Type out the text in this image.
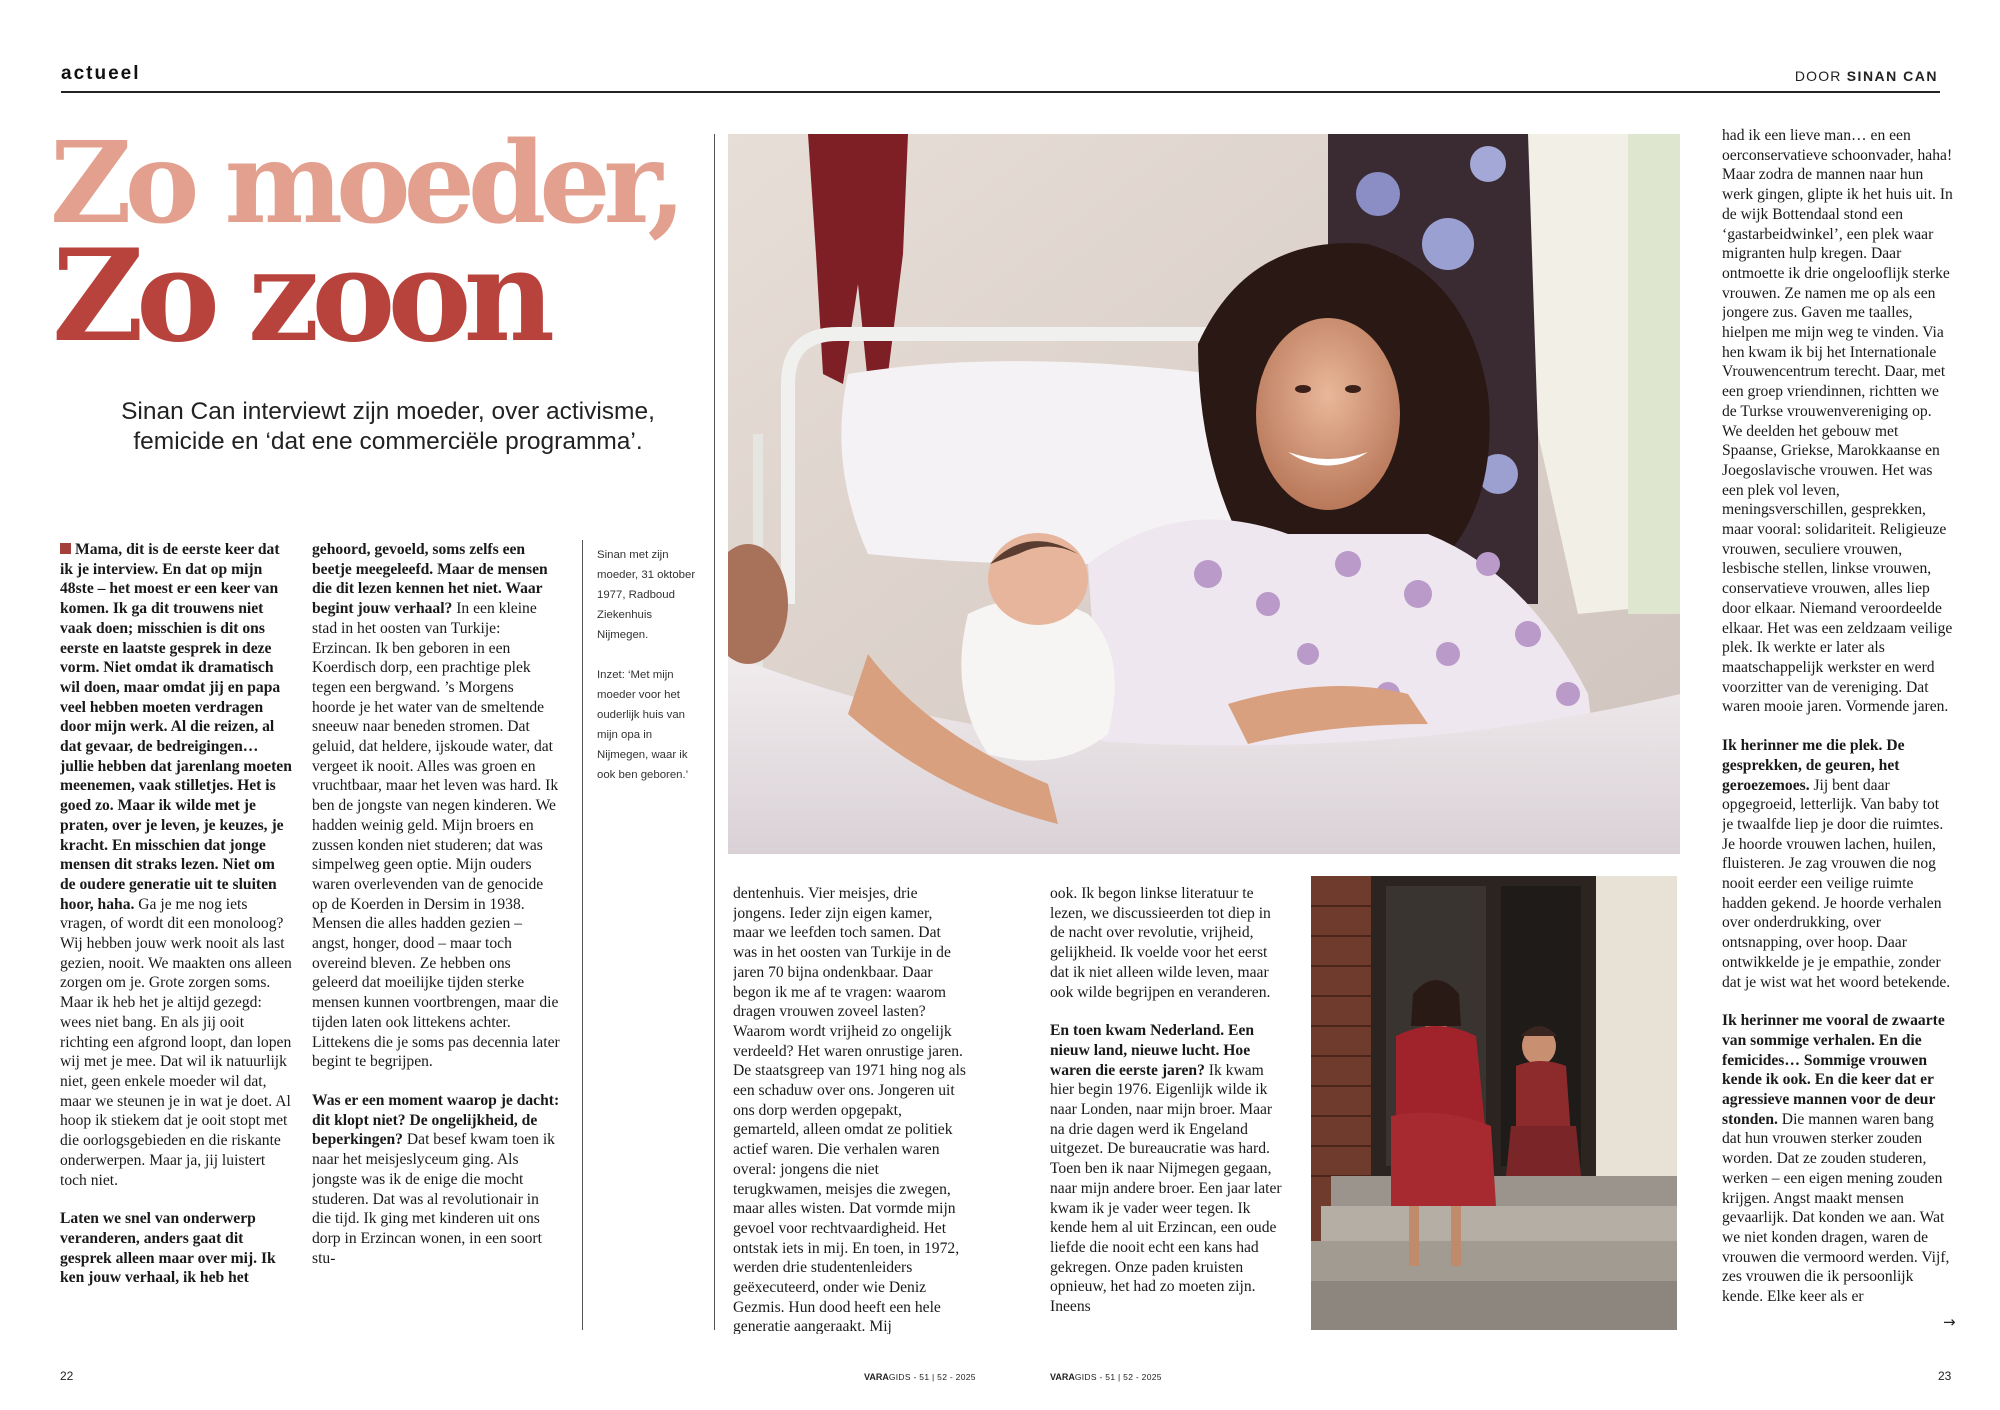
actueel	DOOR SINAN CAN
Zo moeder,
Zo zoon
Sinan Can interviewt zijn moeder, over activisme, femicide en ‘dat ene commerciële programma’.

Mama, dit is de eerste keer dat ik je interview. En dat op mijn 48ste – het moest er een keer van komen. Ik ga dit trouwens niet vaak doen; misschien is dit ons eerste en laatste gesprek in deze vorm. Niet omdat ik dramatisch wil doen, maar omdat jij en papa veel hebben moeten verdragen door mijn werk. Al die reizen, al dat gevaar, de bedreigingen… jullie hebben dat jarenlang moeten meenemen, vaak stilletjes. Het is goed zo. Maar ik wilde met je praten, over je leven, je keuzes, je kracht. En misschien dat jonge mensen dit straks lezen. Niet om de oudere generatie uit te sluiten hoor, haha. Ga je me nog iets vragen, of wordt dit een monoloog? Wij hebben jouw werk nooit als last gezien, nooit. We maakten ons alleen zorgen om je. Grote zorgen soms. Maar ik heb het je altijd gezegd: wees niet bang. En als jij ooit richting een afgrond loopt, dan lopen wij met je mee. Dat wil ik natuurlijk niet, geen enkele moeder wil dat, maar we steunen je in wat je doet. Al hoop ik stiekem dat je ooit stopt met die oorlogsgebieden en die riskante onderwerpen. Maar ja, jij luistert toch niet.

Laten we snel van onderwerp veranderen, anders gaat dit gesprek alleen maar over mij. Ik ken jouw verhaal, ik heb het

gehoord, gevoeld, soms zelfs een beetje meegeleefd. Maar de mensen die dit lezen kennen het niet. Waar begint jouw verhaal? In een kleine stad in het oosten van Turkije: Erzincan. Ik ben geboren in een Koerdisch dorp, een prachtige plek tegen een bergwand. ’s Morgens hoorde je het water van de smeltende sneeuw naar beneden stromen. Dat geluid, dat heldere, ijskoude water, dat vergeet ik nooit. Alles was groen en vruchtbaar, maar het leven was hard. Ik ben de jongste van negen kinderen. We hadden weinig geld. Mijn broers en zussen konden niet studeren; dat was simpelweg geen optie. Mijn ouders waren overlevenden van de genocide op de Koerden in Dersim in 1938. Mensen die alles hadden gezien – angst, honger, dood – maar toch overeind bleven. Ze hebben ons geleerd dat moeilijke tijden sterke mensen kunnen voortbrengen, maar die tijden laten ook littekens achter. Littekens die je soms pas decennia later begint te begrijpen.

Was er een moment waarop je dacht: dit klopt niet? De ongelijkheid, de beperkingen? Dat besef kwam toen ik naar het meisjeslyceum ging. Als jongste was ik de enige die mocht studeren. Dat was al revolutionair in die tijd. Ik ging met kinderen uit ons dorp in Erzincan wonen, in een soort stu-

Sinan met zijn moeder, 31 oktober 1977, Radboud Ziekenhuis Nijmegen.

Inzet: ‘Met mijn moeder voor het ouderlijk huis van mijn opa in Nijmegen, waar ik ook ben geboren.’

dentenhuis. Vier meisjes, drie jongens. Ieder zijn eigen kamer, maar we leefden toch samen. Dat was in het oosten van Turkije in de jaren 70 bijna ondenkbaar. Daar begon ik me af te vragen: waarom dragen vrouwen zoveel lasten? Waarom wordt vrijheid zo ongelijk verdeeld? Het waren onrustige jaren. De staatsgreep van 1971 hing nog als een schaduw over ons. Jongeren uit ons dorp werden opgepakt, gemarteld, alleen omdat ze politiek actief waren. Die verhalen waren overal: jongens die niet terugkwamen, meisjes die zwegen, maar alles wisten. Dat vormde mijn gevoel voor rechtvaardigheid. Het ontstak iets in mij. En toen, in 1972, werden drie studentenleiders geëxecuteerd, onder wie Deniz Gezmis. Hun dood heeft een hele generatie aangeraakt. Mij

ook. Ik begon linkse literatuur te lezen, we discussieerden tot diep in de nacht over revolutie, vrijheid, gelijkheid. Ik voelde voor het eerst dat ik niet alleen wilde leven, maar ook wilde begrijpen en veranderen.

En toen kwam Nederland. Een nieuw land, nieuwe lucht. Hoe waren die eerste jaren? Ik kwam hier begin 1976. Eigenlijk wilde ik naar Londen, naar mijn broer. Maar na drie dagen werd ik Engeland uitgezet. De bureaucratie was hard. Toen ben ik naar Nijmegen gegaan, naar mijn andere broer. Een jaar later kwam ik je vader weer tegen. Ik kende hem al uit Erzincan, een oude liefde die nooit echt een kans had gekregen. Onze paden kruisten opnieuw, het had zo moeten zijn. Ineens

had ik een lieve man… en een oerconservatieve schoonvader, haha! Maar zodra de mannen naar hun werk gingen, glipte ik het huis uit. In de wijk Bottendaal stond een ‘gastarbeidwinkel’, een plek waar migranten hulp kregen. Daar ontmoette ik drie ongelooflijk sterke vrouwen. Ze namen me op als een jongere zus. Gaven me taalles, hielpen me mijn weg te vinden. Via hen kwam ik bij het Internationale Vrouwencentrum terecht. Daar, met een groep vriendinnen, richtten we de Turkse vrouwenvereniging op. We deelden het gebouw met Spaanse, Griekse, Marokkaanse en Joegoslavische vrouwen. Het was een plek vol leven, meningsverschillen, gesprekken, maar vooral: solidariteit. Religieuze vrouwen, seculiere vrouwen, lesbische stellen, linkse vrouwen, conservatieve vrouwen, alles liep door elkaar. Niemand veroordeelde elkaar. Het was een zeldzaam veilige plek. Ik werkte er later als maatschappelijk werkster en werd voorzitter van de vereniging. Dat waren mooie jaren. Vormende jaren.

Ik herinner me die plek. De gesprekken, de geuren, het geroezemoes. Jij bent daar opgegroeid, letterlijk. Van baby tot je twaalfde liep je door die ruimtes. Je hoorde vrouwen lachen, huilen, fluisteren. Je zag vrouwen die nog nooit eerder een veilige ruimte hadden gekend. Je hoorde verhalen over onderdrukking, over ontsnapping, over hoop. Daar ontwikkelde je je empathie, zonder dat je wist wat het woord betekende.

Ik herinner me vooral de zwaarte van sommige verhalen. En die femicides… Sommige vrouwen kende ik ook. En die keer dat er agressieve mannen voor de deur stonden. Die mannen waren bang dat hun vrouwen sterker zouden worden. Dat ze zouden studeren, werken – een eigen mening zouden krijgen. Angst maakt mensen gevaarlijk. Dat konden we aan. Wat we niet konden dragen, waren de vrouwen die vermoord werden. Vijf, zes vrouwen die ik persoonlijk kende. Elke keer als er

→
22	VARAGIDS - 51 | 52 - 2025	VARAGIDS - 51 | 52 - 2025	23
